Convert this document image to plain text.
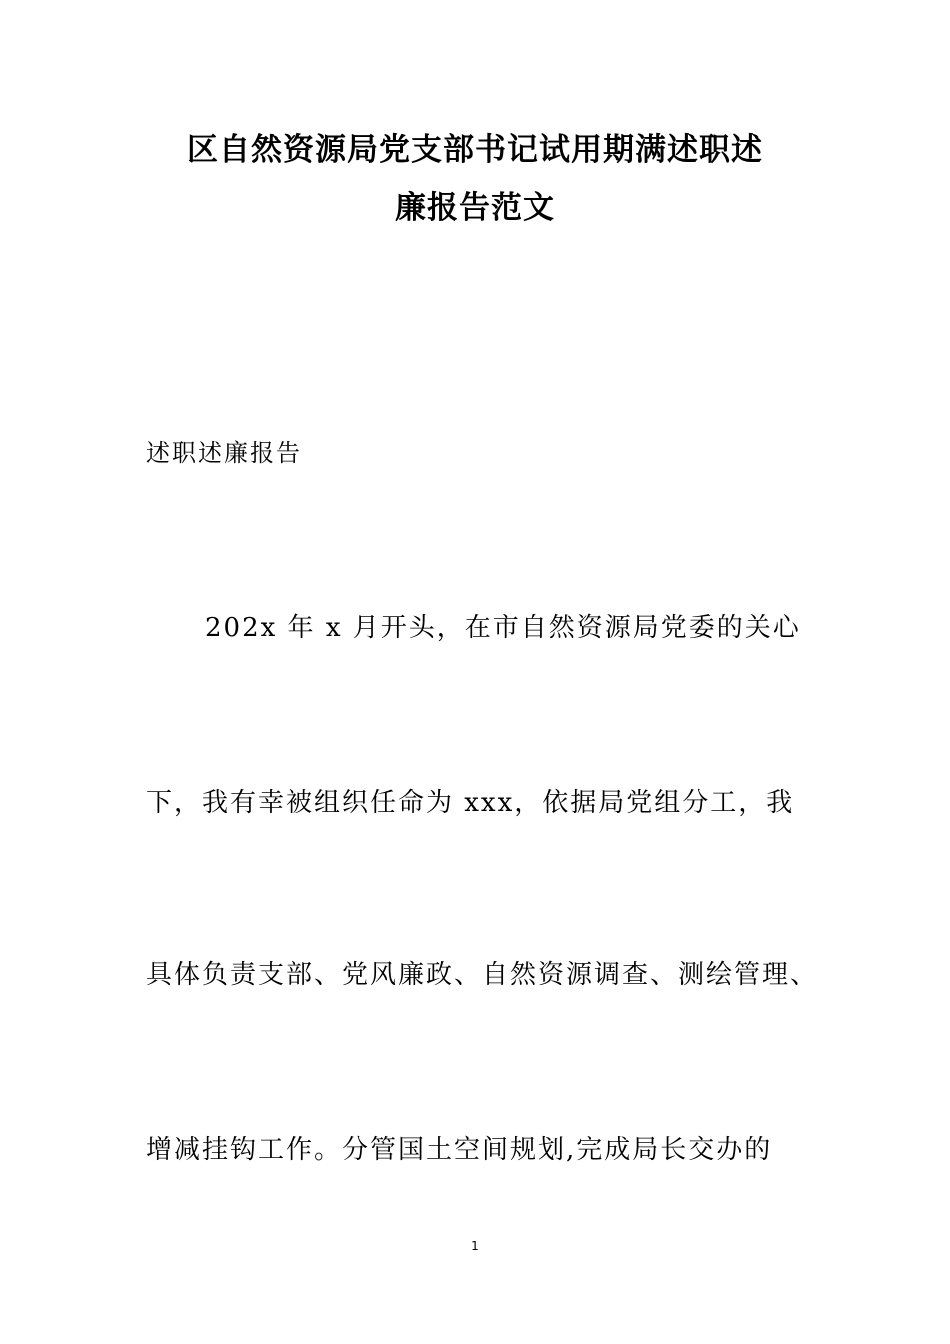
区自然资源局党支部书记试用期满述职述
廉报告范文
述职述廉报告
202x 年 x 月开头，在市自然资源局党委的关心
下，我有幸被组织任命为 xxx，依据局党组分工，我
具体负责支部、党风廉政、自然资源调查、测绘管理、
增减挂钩工作。分管国土空间规划,完成局长交办的
1
